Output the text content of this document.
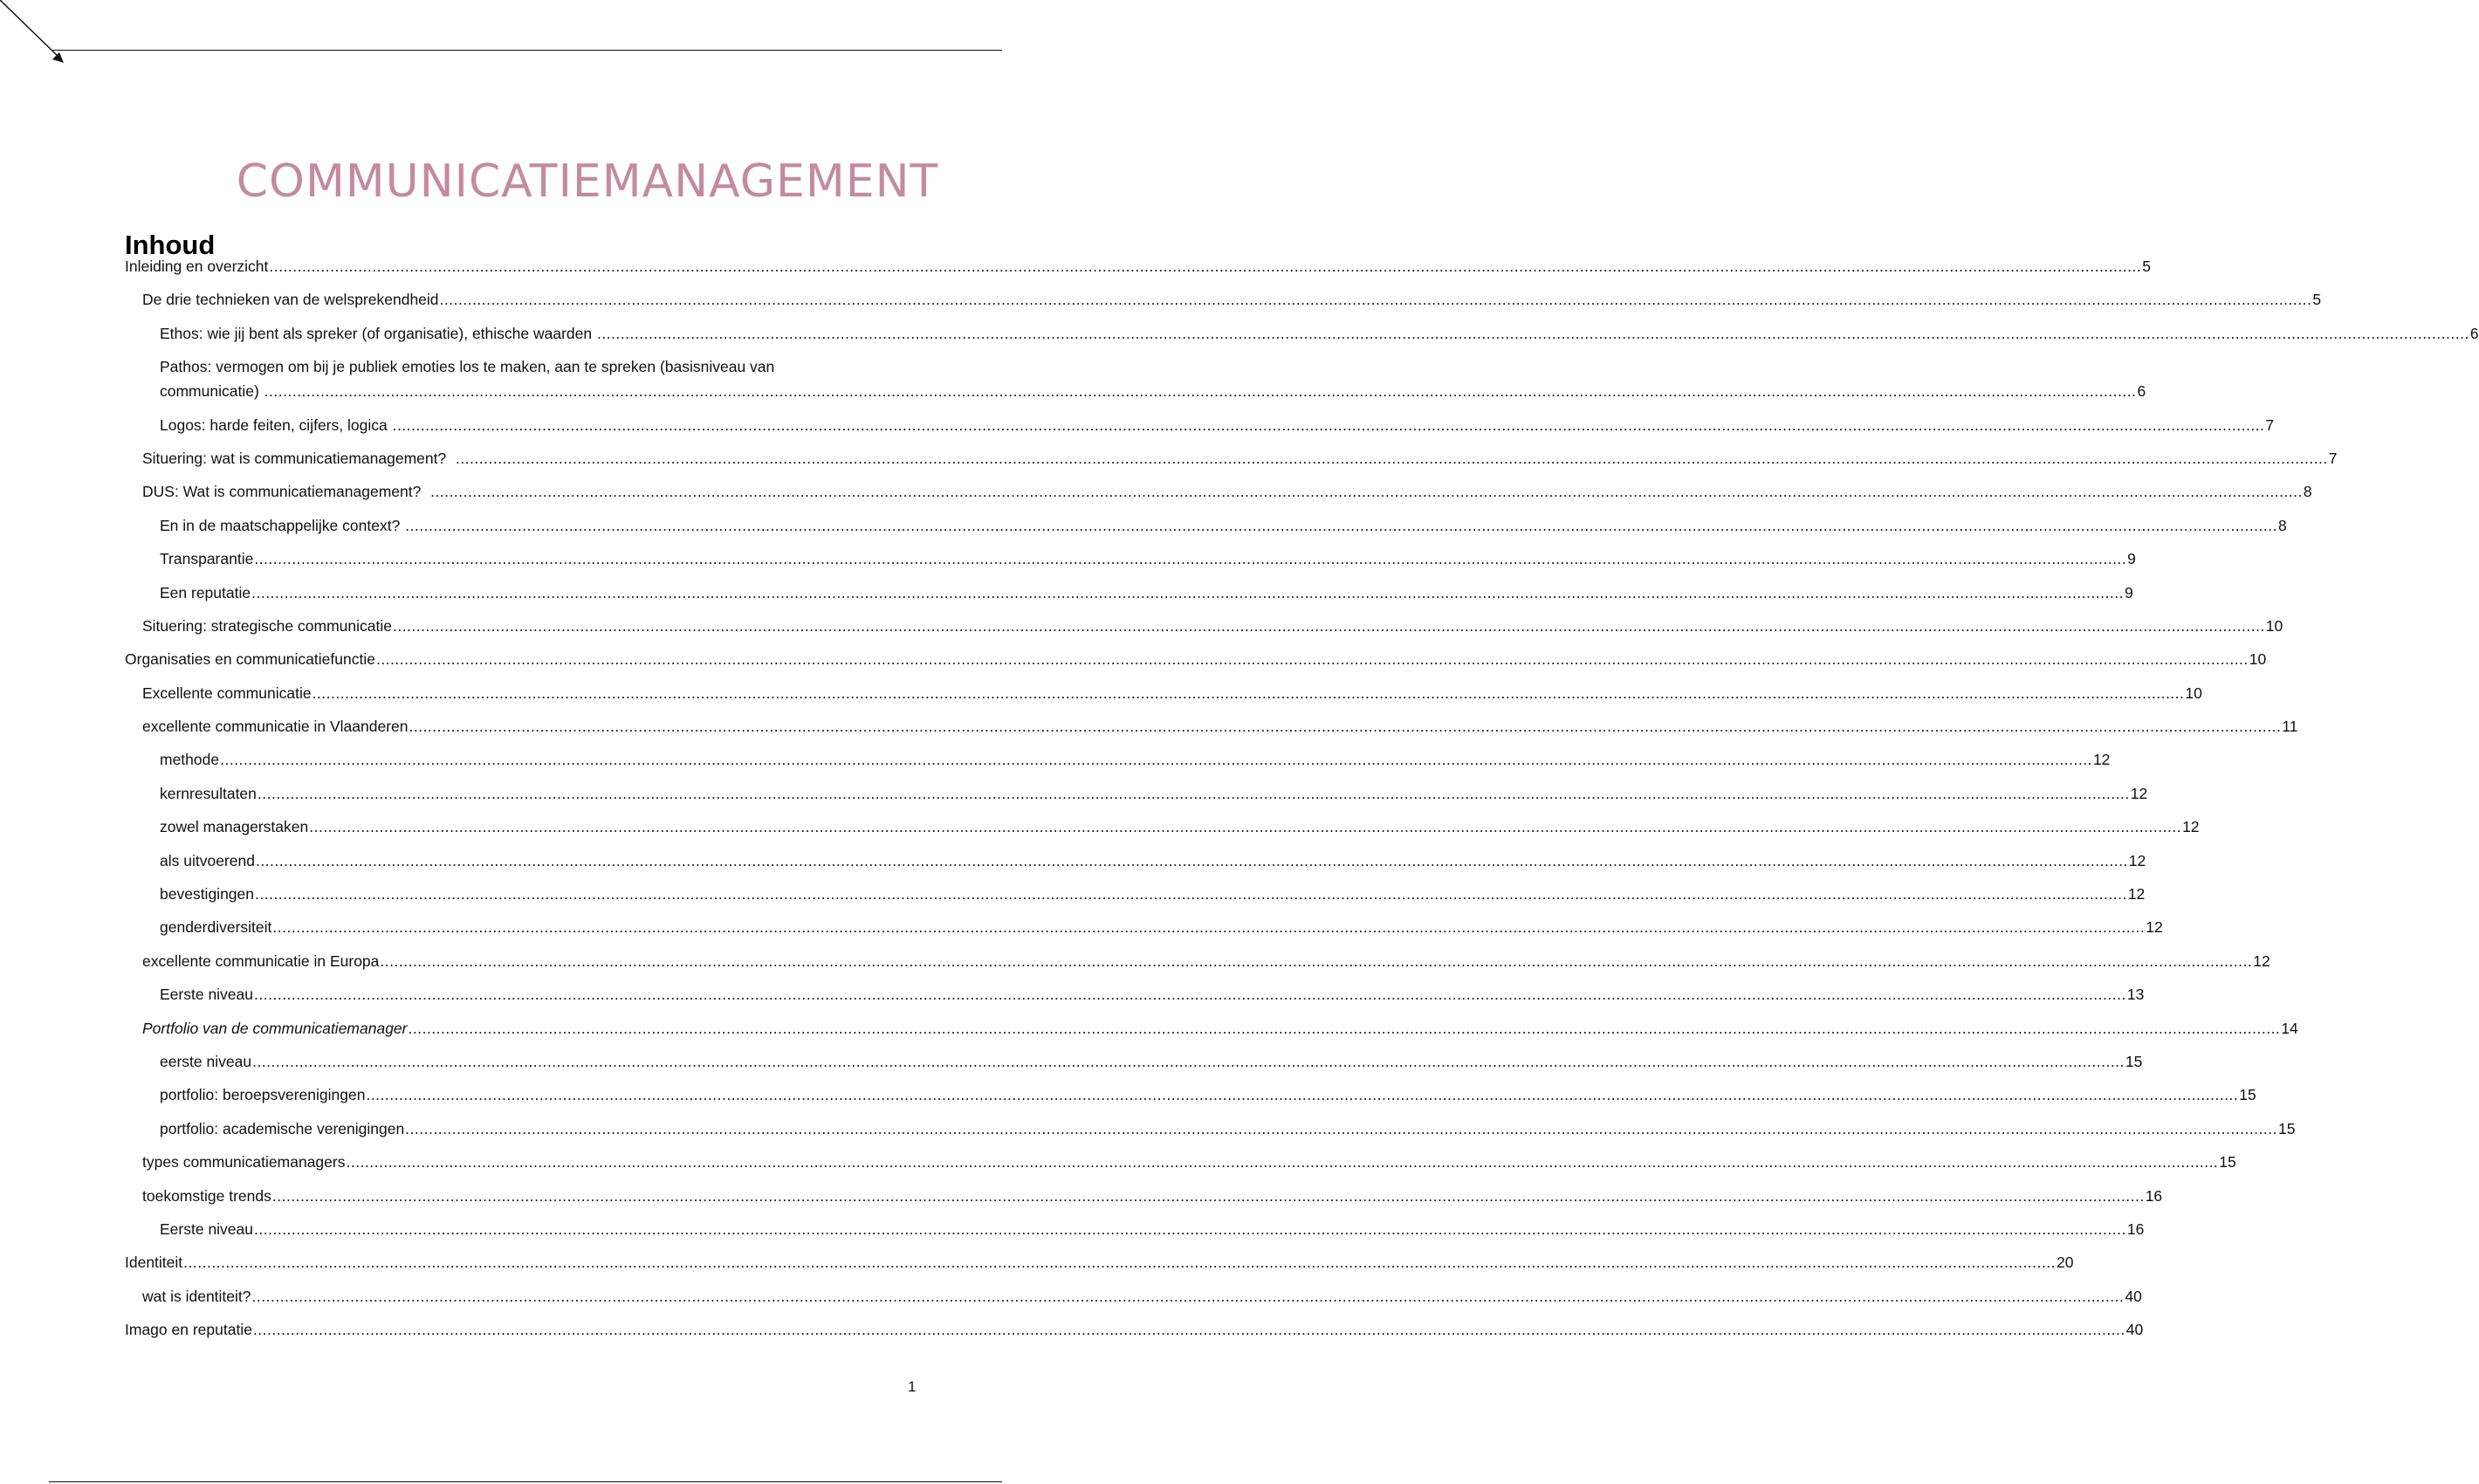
COMMUNICATIEMANAGEMENT
Inhoud
Inleiding en overzicht ................................................................................................................................................................................................................................................................................................................................................................................................................ 5
De drie technieken van de welsprekendheid ................................................................................................................................................................................................................................................................................................................................................................................................................ 5
Ethos: wie jij bent als spreker (of organisatie), ethische waarden ................................................................................................................................................................................................................................................................................................................................................................................................................ 6
Pathos: vermogen om bij je publiek emoties los te maken, aan te spreken (basisniveau van
communicatie) ................................................................................................................................................................................................................................................................................................................................................................................................................ 6
Logos: harde feiten, cijfers, logica ................................................................................................................................................................................................................................................................................................................................................................................................................ 7
Situering: wat is communicatiemanagement? ................................................................................................................................................................................................................................................................................................................................................................................................................ 7
DUS: Wat is communicatiemanagement? ................................................................................................................................................................................................................................................................................................................................................................................................................ 8
En in de maatschappelijke context? ................................................................................................................................................................................................................................................................................................................................................................................................................ 8
Transparantie ................................................................................................................................................................................................................................................................................................................................................................................................................ 9
Een reputatie ................................................................................................................................................................................................................................................................................................................................................................................................................ 9
Situering: strategische communicatie ................................................................................................................................................................................................................................................................................................................................................................................................................ 10
Organisaties en communicatiefunctie ................................................................................................................................................................................................................................................................................................................................................................................................................ 10
Excellente communicatie ................................................................................................................................................................................................................................................................................................................................................................................................................ 10
excellente communicatie in Vlaanderen ................................................................................................................................................................................................................................................................................................................................................................................................................ 11
methode ................................................................................................................................................................................................................................................................................................................................................................................................................ 12
kernresultaten ................................................................................................................................................................................................................................................................................................................................................................................................................ 12
zowel managerstaken ................................................................................................................................................................................................................................................................................................................................................................................................................ 12
als uitvoerend ................................................................................................................................................................................................................................................................................................................................................................................................................ 12
bevestigingen ................................................................................................................................................................................................................................................................................................................................................................................................................ 12
genderdiversiteit ................................................................................................................................................................................................................................................................................................................................................................................................................ 12
excellente communicatie in Europa ................................................................................................................................................................................................................................................................................................................................................................................................................ 12
Eerste niveau ................................................................................................................................................................................................................................................................................................................................................................................................................ 13
Portfolio van de communicatiemanager ................................................................................................................................................................................................................................................................................................................................................................................................................ 14
eerste niveau ................................................................................................................................................................................................................................................................................................................................................................................................................ 15
portfolio: beroepsverenigingen ................................................................................................................................................................................................................................................................................................................................................................................................................ 15
portfolio: academische verenigingen ................................................................................................................................................................................................................................................................................................................................................................................................................ 15
types communicatiemanagers ................................................................................................................................................................................................................................................................................................................................................................................................................ 15
toekomstige trends ................................................................................................................................................................................................................................................................................................................................................................................................................ 16
Eerste niveau ................................................................................................................................................................................................................................................................................................................................................................................................................ 16
Identiteit ................................................................................................................................................................................................................................................................................................................................................................................................................ 20
wat is identiteit? ................................................................................................................................................................................................................................................................................................................................................................................................................ 40
Imago en reputatie ................................................................................................................................................................................................................................................................................................................................................................................................................ 40
1
